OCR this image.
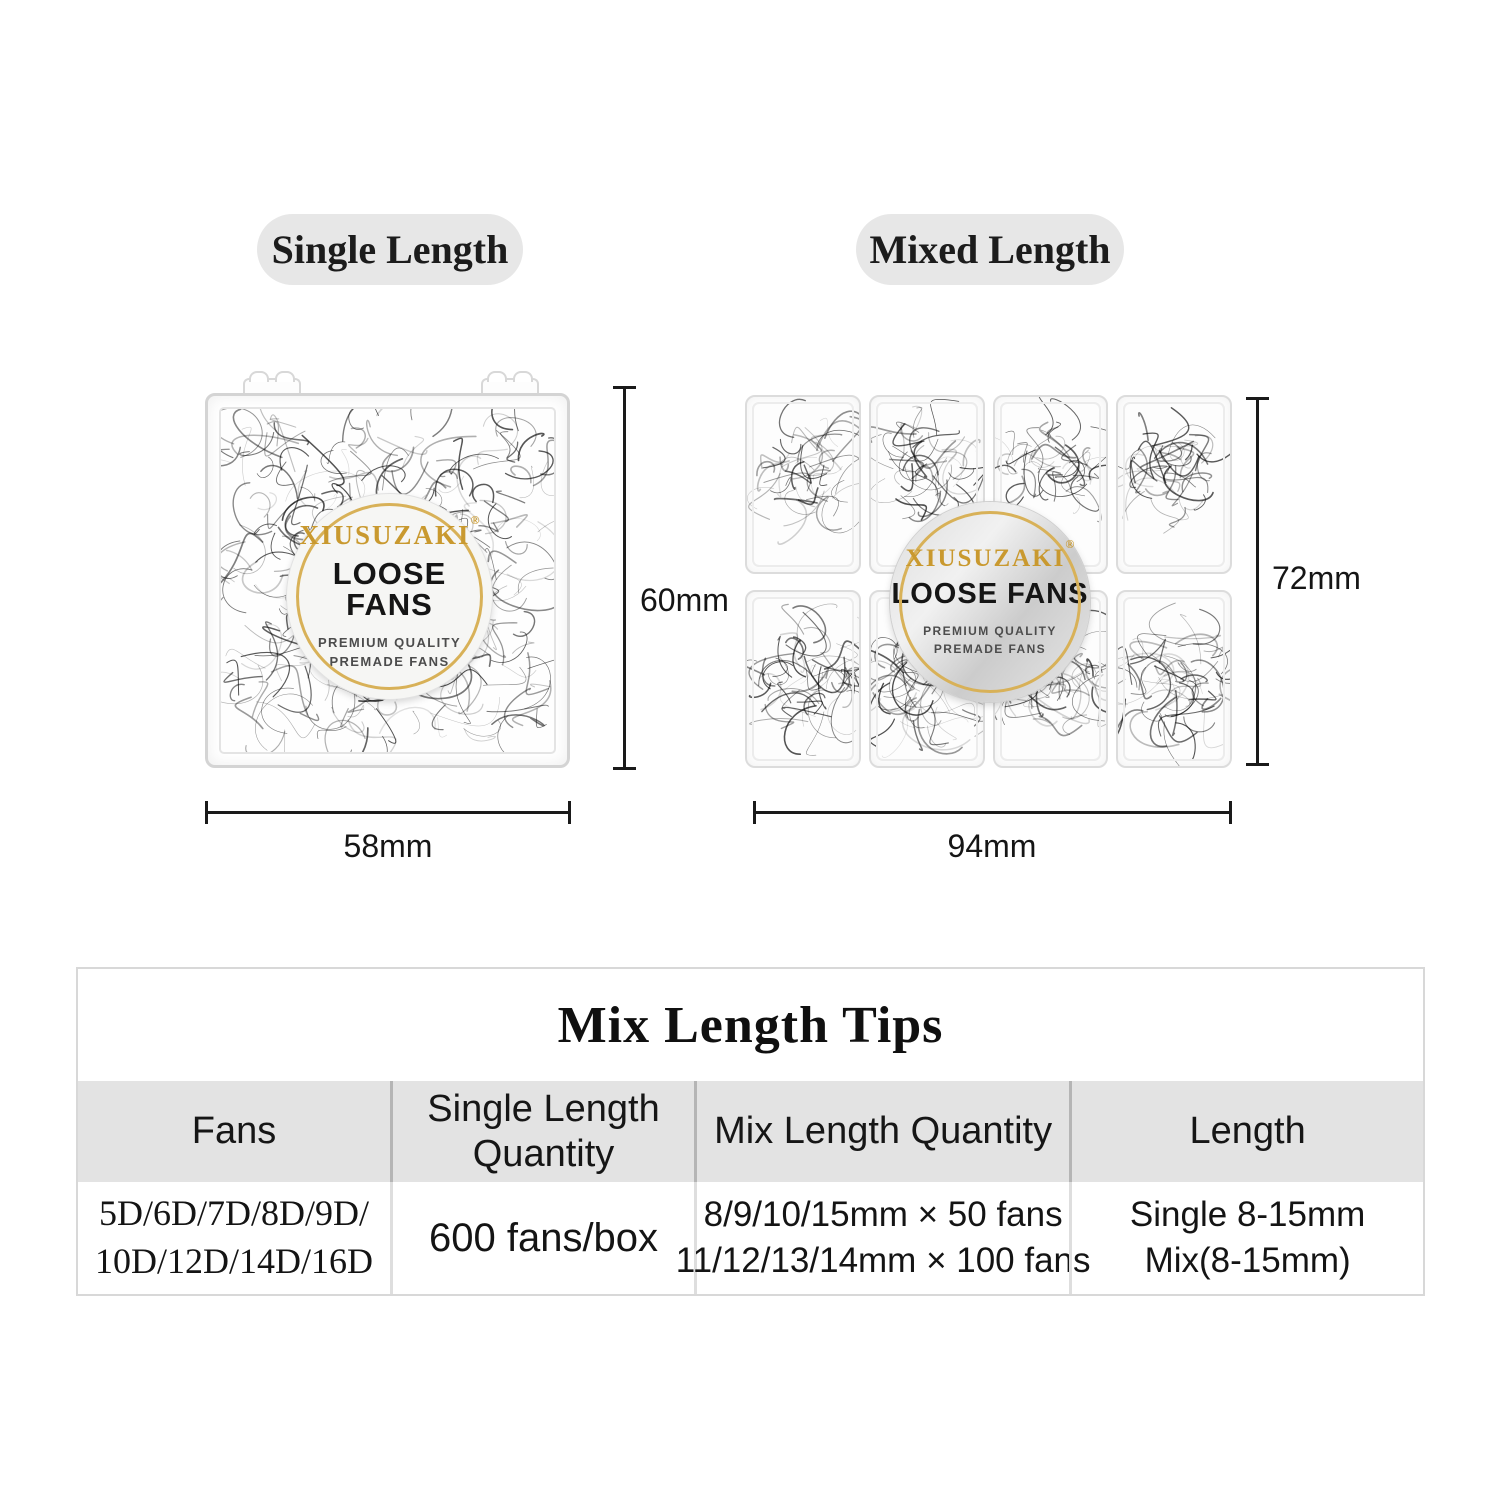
Single Length	Mixed Length
XIUSUZAKI®
LOOSE FANS
PREMIUM QUALITY
PREMADE FANS
60mm
58mm
XIUSUZAKI®
LOOSE FANS
PREMIUM QUALITY
PREMADE FANS
72mm
94mm
Mix Length Tips
Fans
Single Length Quantity
Mix Length Quantity	Length
5D/6D/7D/8D/9D/
10D/12D/14D/16D
600 fans/box
8/9/10/15mm × 50 fans
11/12/13/14mm × 100 fans
Single 8-15mm
Mix(8-15mm)
